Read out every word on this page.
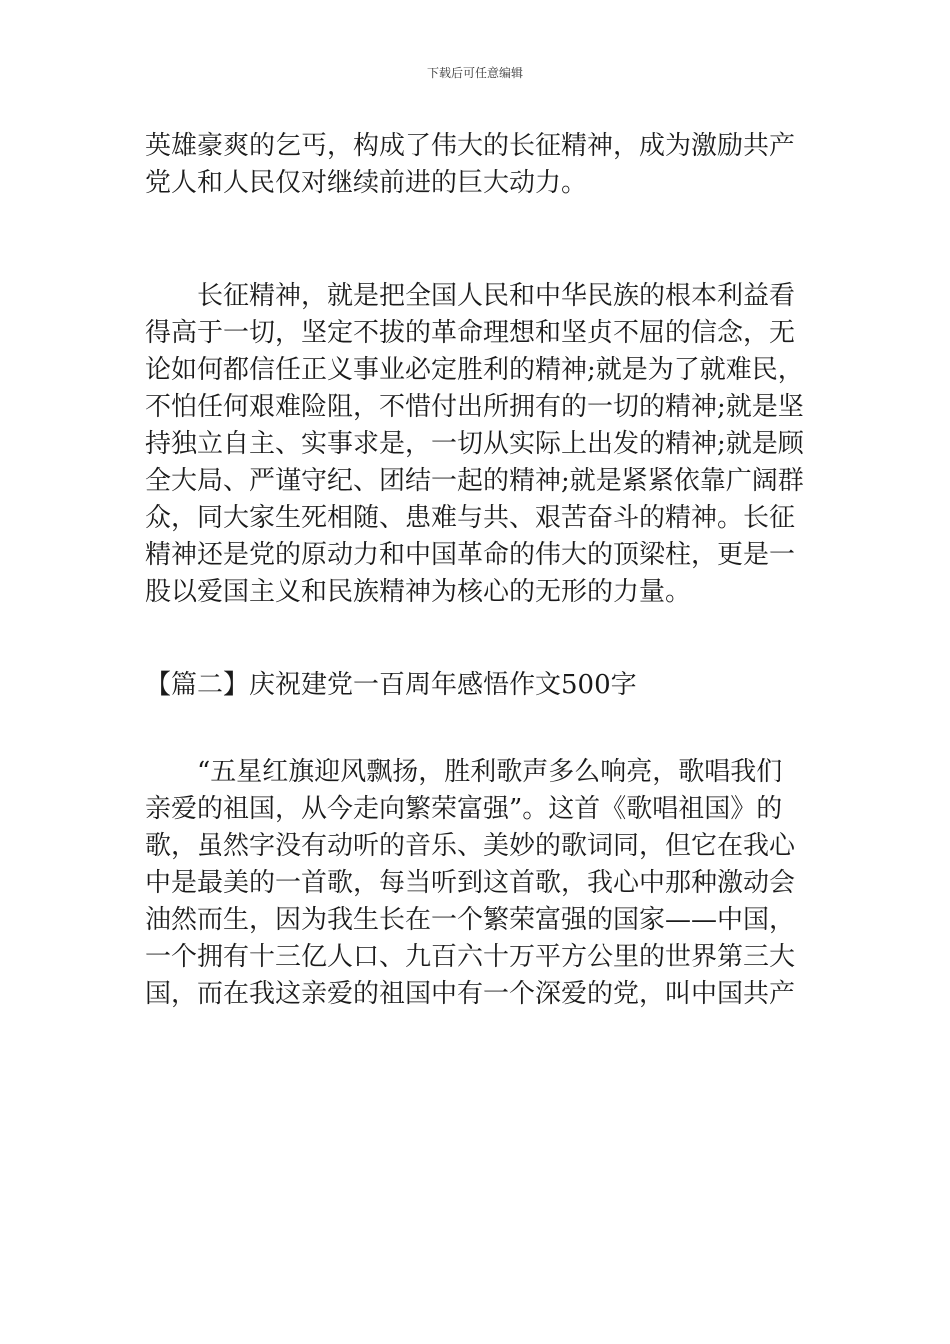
下载后可任意编辑
英雄豪爽的乞丐，构成了伟大的长征精神，成为激励共产
党人和人民仅对继续前进的巨大动力。
　　长征精神，就是把全国人民和中华民族的根本利益看
得高于一切，坚定不拔的革命理想和坚贞不屈的信念，无
论如何都信任正义事业必定胜利的精神;就是为了就难民，
不怕任何艰难险阻，不惜付出所拥有的一切的精神;就是坚
持独立自主、实事求是，一切从实际上出发的精神;就是顾
全大局、严谨守纪、团结一起的精神;就是紧紧依靠广阔群
众，同大家生死相随、患难与共、艰苦奋斗的精神。长征
精神还是党的原动力和中国革命的伟大的顶梁柱，更是一
股以爱国主义和民族精神为核心的无形的力量。
【篇二】庆祝建党一百周年感悟作文500字
　　“五星红旗迎风飘扬，胜利歌声多么响亮，歌唱我们
亲爱的祖国，从今走向繁荣富强”。这首《歌唱祖国》的
歌，虽然字没有动听的音乐、美妙的歌词同，但它在我心
中是最美的一首歌，每当听到这首歌，我心中那种激动会
油然而生，因为我生长在一个繁荣富强的国家——中国，
一个拥有十三亿人口、九百六十万平方公里的世界第三大
国，而在我这亲爱的祖国中有一个深爱的党，叫中国共产
